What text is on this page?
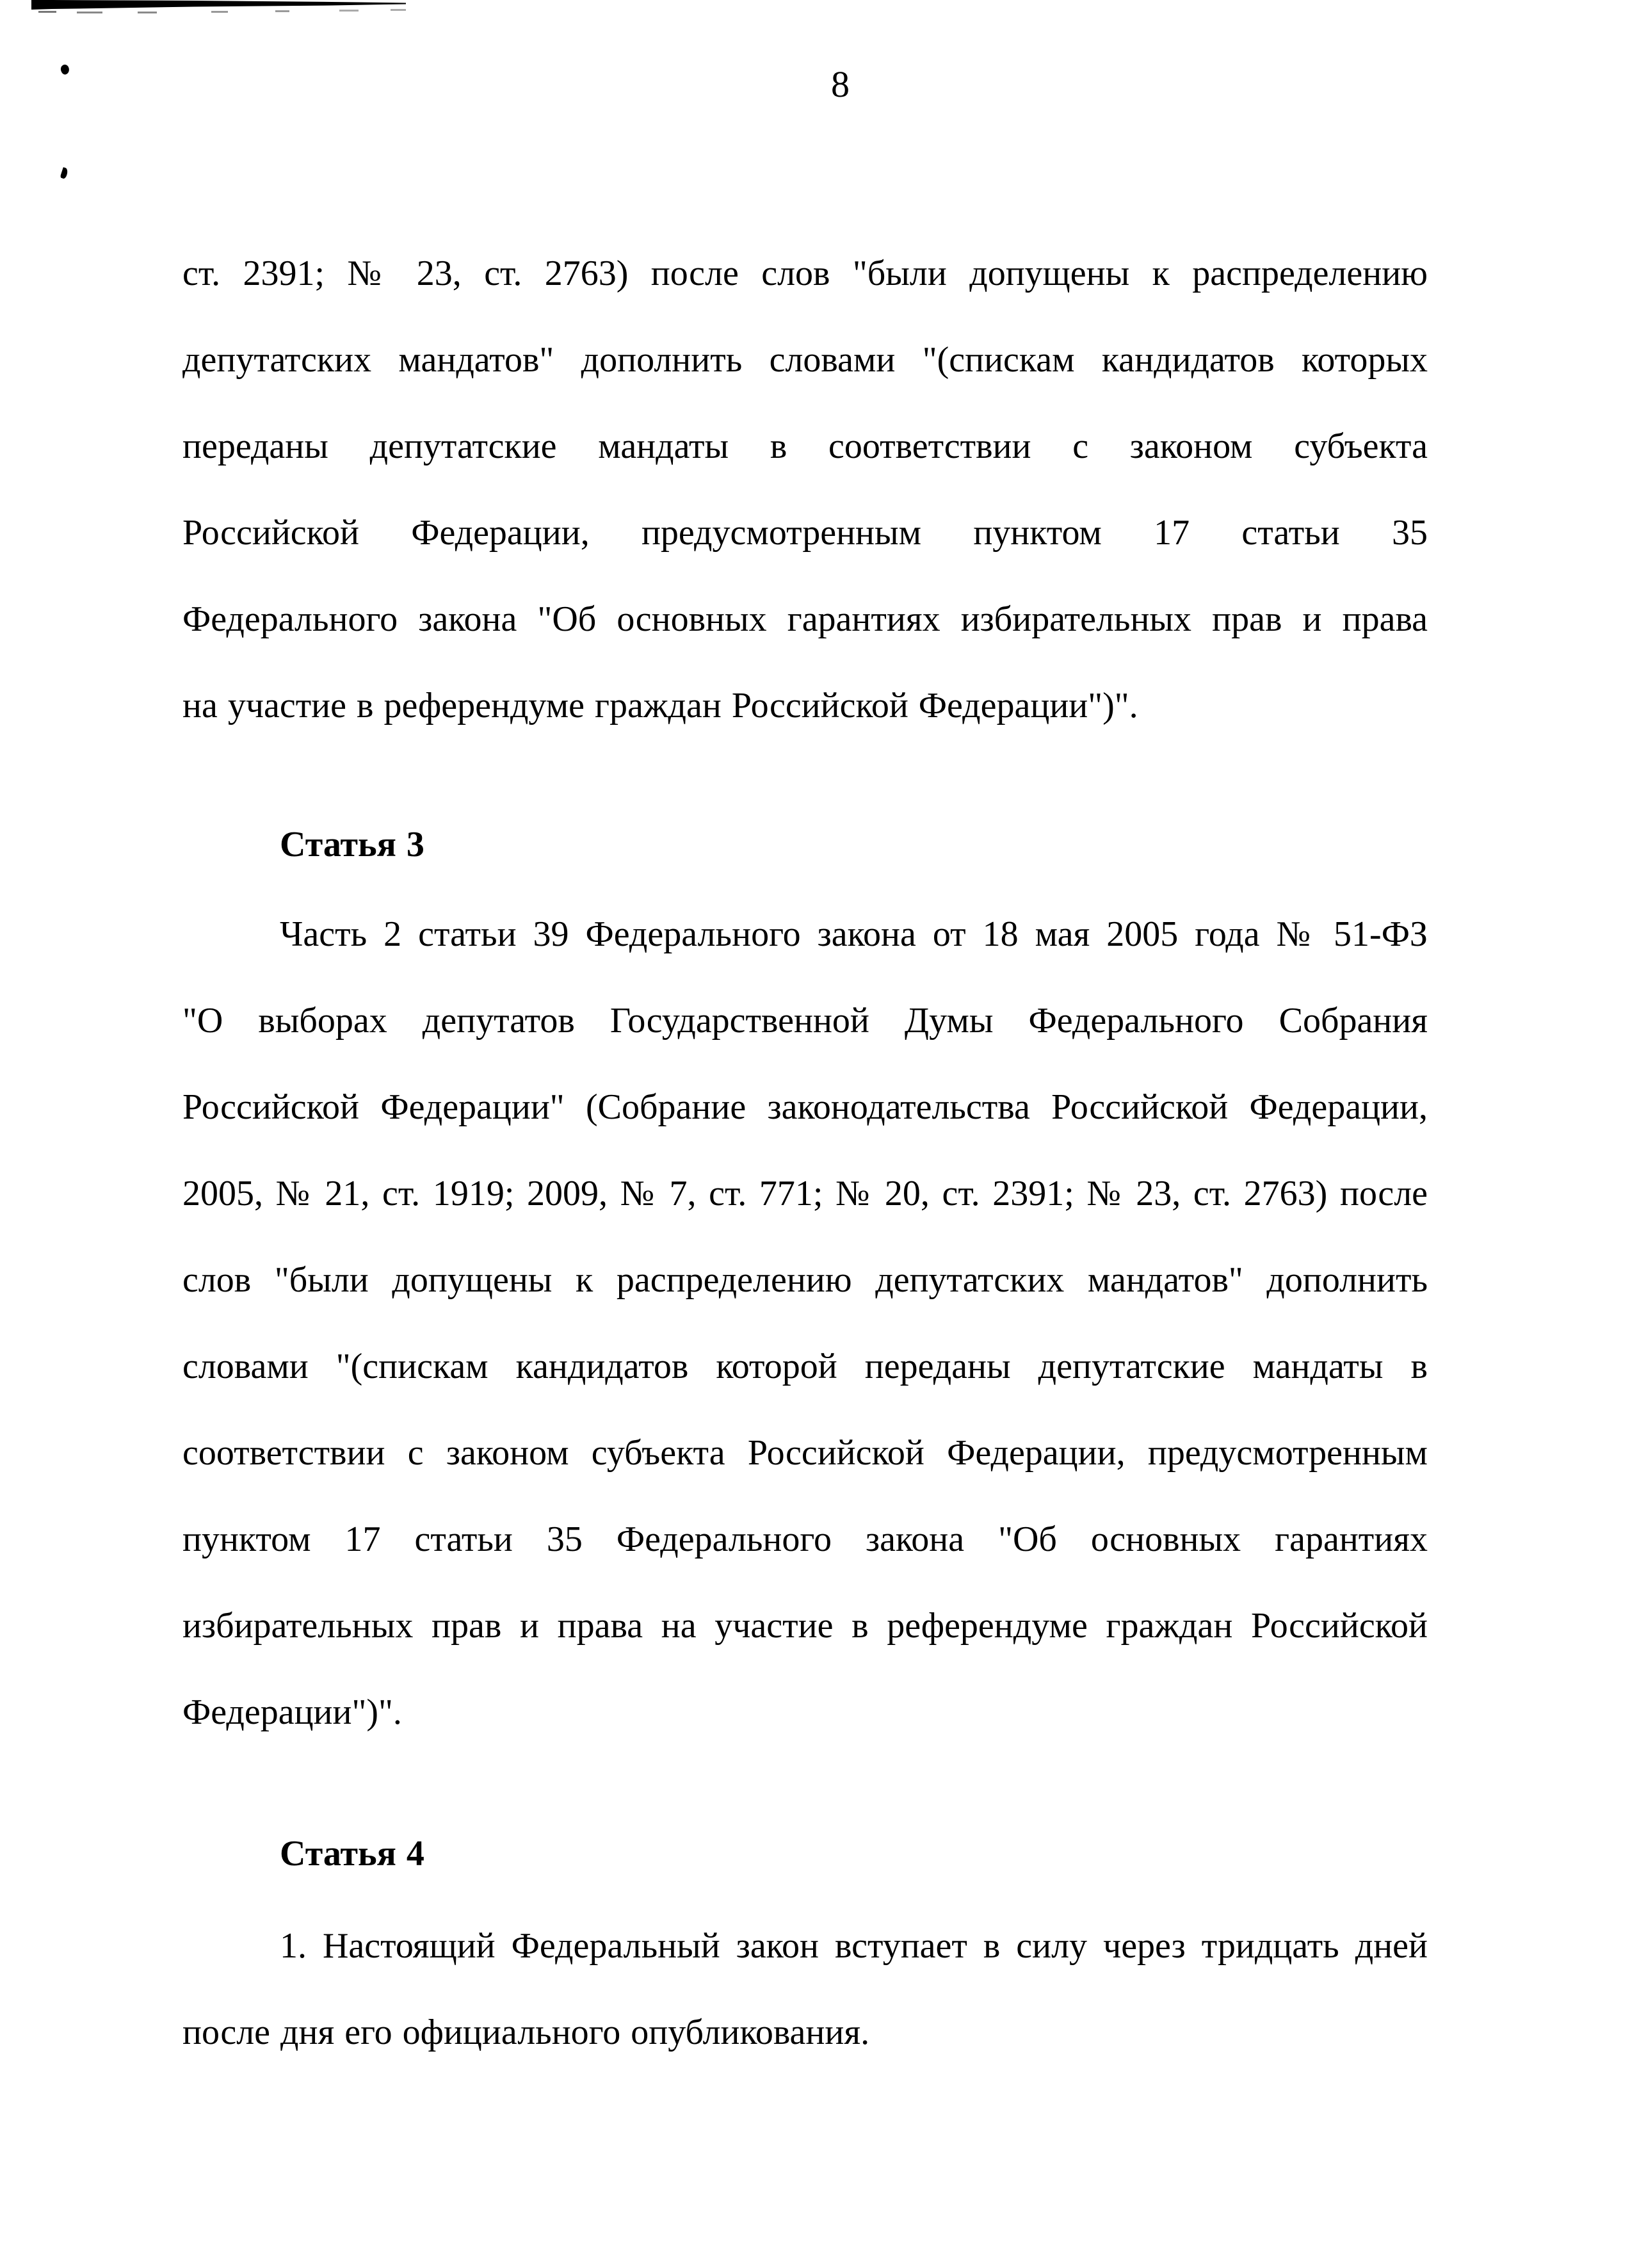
8
ст. 2391; № 23, ст. 2763) после слов "были допущены к распределению
депутатских мандатов" дополнить словами "(спискам кандидатов которых
переданы депутатские мандаты в соответствии с законом субъекта
Российской Федерации, предусмотренным пунктом 17 статьи 35
Федерального закона "Об основных гарантиях избирательных прав и права
на участие в референдуме граждан Российской Федерации")".
Статья 3
Часть 2 статьи 39 Федерального закона от 18 мая 2005 года № 51-ФЗ
"О выборах депутатов Государственной Думы Федерального Собрания
Российской Федерации" (Собрание законодательства Российской Федерации,
2005, № 21, ст. 1919; 2009, № 7, ст. 771; № 20, ст. 2391; № 23, ст. 2763) после
слов "были допущены к распределению депутатских мандатов" дополнить
словами "(спискам кандидатов которой переданы депутатские мандаты в
соответствии с законом субъекта Российской Федерации, предусмотренным
пунктом 17 статьи 35 Федерального закона "Об основных гарантиях
избирательных прав и права на участие в референдуме граждан Российской
Федерации")".
Статья 4
1. Настоящий Федеральный закон вступает в силу через тридцать дней
после дня его официального опубликования.
